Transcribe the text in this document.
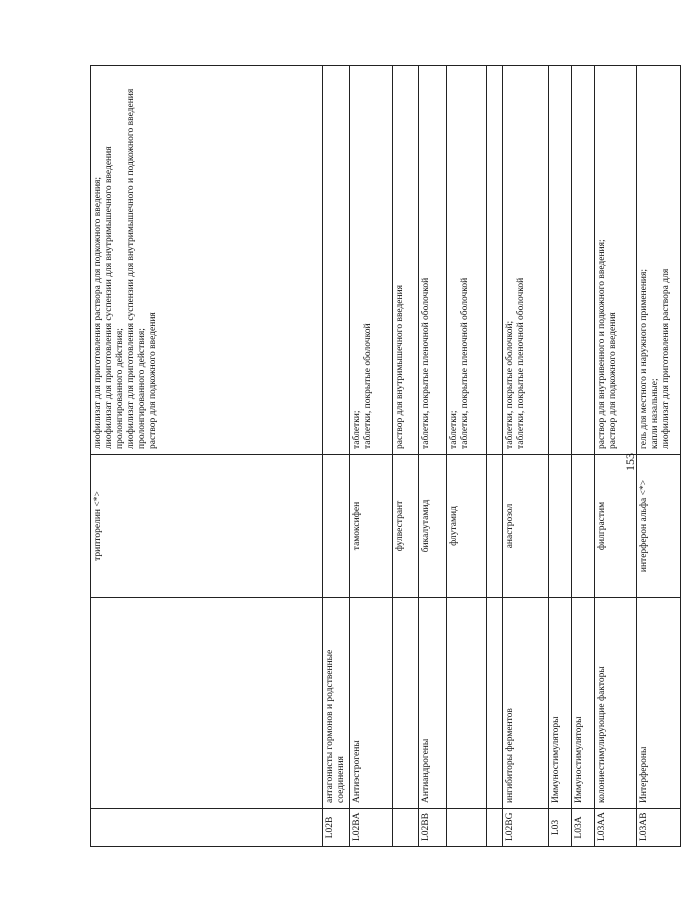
		трипторелин <*>	лиофилизат для приготовления раствора для подкожного введения; лиофилизат для приготовления суспензии для внутримышечного введения пролонгированного действия; лиофилизат для приготовления суспензии для внутримышечного и подкожного введения пролонгированного действия; раствор для подкожного введения

L02B	антагонисты гормонов и родственные соединения		
L02BA	Антиэстрогены	тамоксифен	таблетки; таблетки, покрытые оболочкой

		фулвестрант	раствор для внутримышечного введения

L02BB	Антиандрогены	бикалутамид	таблетки, покрытые пленочной оболочкой

		флутамид	таблетки; таблетки, покрытые пленочной оболочкой

L02BG	ингибиторы ферментов	анастрозол	таблетки, покрытые оболочкой; таблетки, покрытые пленочной оболочкой

L03	Иммуностимуляторы		
L03A	Иммуностимуляторы		
L03AA	колониестимулирующие факторы	филграстим	раствор для внутривенного и подкожного введения; раствор для подкожного введения

L03AB	Интерфероны	интерферон альфа <*>	гель для местного и наружного применения; капли назальные; лиофилизат для приготовления раствора для
153
